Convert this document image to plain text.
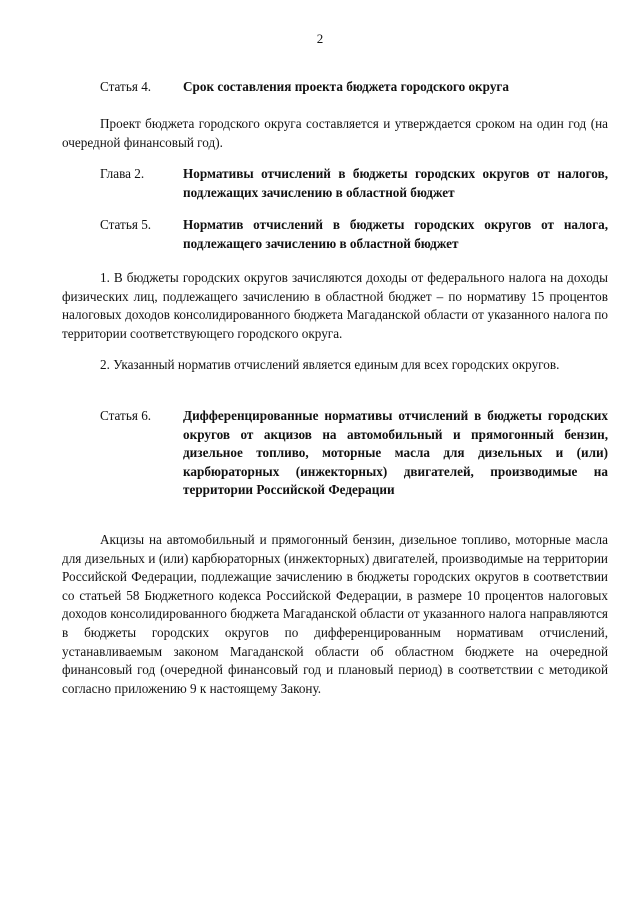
2
Статья 4.	Срок составления проекта бюджета городского округа

Проект бюджета городского округа составляется и утверждается сроком на один год (на очередной финансовый год).

Глава 2.	Нормативы отчислений в бюджеты городских округов от налогов, подлежащих зачислению в областной бюджет
Статья 5.	Норматив отчислений в бюджеты городских округов от налога, подлежащего зачислению в областной бюджет

1. В бюджеты городских округов зачисляются доходы от федерального налога на доходы физических лиц, подлежащего зачислению в областной бюджет – по нормативу 15 процентов налоговых доходов консолидированного бюджета Магаданской области от указанного налога по территории соответствующего городского округа.

2. Указанный норматив отчислений является единым для всех городских округов.

Статья 6.	Дифференцированные нормативы отчислений в бюджеты городских округов от акцизов на автомобильный и прямогонный бензин, дизельное топливо, моторные масла для дизельных и (или) карбюраторных (инжекторных) двигателей, производимые на территории Российской Федерации

Акцизы на автомобильный и прямогонный бензин, дизельное топливо, моторные масла для дизельных и (или) карбюраторных (инжекторных) двигателей, производимые на территории Российской Федерации, подлежащие зачислению в бюджеты городских округов в соответствии со статьей 58 Бюджетного кодекса Российской Федерации, в размере 10 процентов налоговых доходов консолидированного бюджета Магаданской области от указанного налога направляются в бюджеты городских округов по дифференцированным нормативам отчислений, устанавливаемым законом Магаданской области об областном бюджете на очередной финансовый год (очередной финансовый год и плановый период) в соответствии с методикой согласно приложению 9 к настоящему Закону.
